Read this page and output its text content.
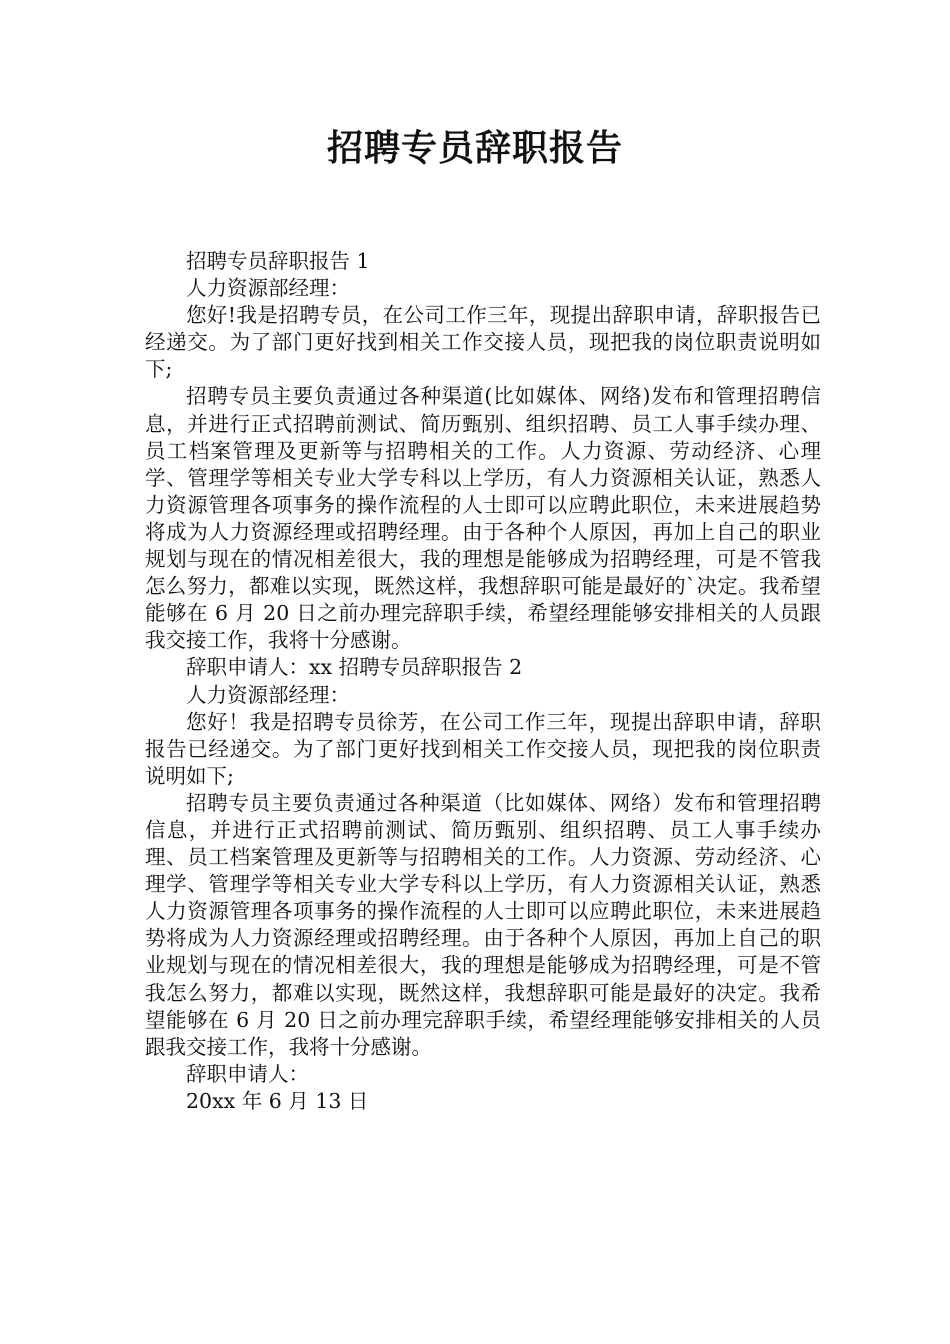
招聘专员辞职报告

招聘专员辞职报告 1

人力资源部经理：

您好!我是招聘专员，在公司工作三年，现提出辞职申请，辞职报告已经递交。为了部门更好找到相关工作交接人员，现把我的岗位职责说明如下;

招聘专员主要负责通过各种渠道(比如媒体、网络)发布和管理招聘信息，并进行正式招聘前测试、简历甄别、组织招聘、员工人事手续办理、员工档案管理及更新等与招聘相关的工作。人力资源、劳动经济、心理学、管理学等相关专业大学专科以上学历，有人力资源相关认证，熟悉人力资源管理各项事务的操作流程的人士即可以应聘此职位，未来进展趋势将成为人力资源经理或招聘经理。由于各种个人原因，再加上自己的职业规划与现在的情况相差很大，我的理想是能够成为招聘经理，可是不管我怎么努力，都难以实现，既然这样，我想辞职可能是最好的`决定。我希望能够在 6 月 20 日之前办理完辞职手续，希望经理能够安排相关的人员跟我交接工作，我将十分感谢。

辞职申请人：xx 招聘专员辞职报告 2

人力资源部经理：

您好！我是招聘专员徐芳，在公司工作三年，现提出辞职申请，辞职报告已经递交。为了部门更好找到相关工作交接人员，现把我的岗位职责说明如下;

招聘专员主要负责通过各种渠道（比如媒体、网络）发布和管理招聘信息，并进行正式招聘前测试、简历甄别、组织招聘、员工人事手续办理、员工档案管理及更新等与招聘相关的工作。人力资源、劳动经济、心理学、管理学等相关专业大学专科以上学历，有人力资源相关认证，熟悉人力资源管理各项事务的操作流程的人士即可以应聘此职位，未来进展趋势将成为人力资源经理或招聘经理。由于各种个人原因，再加上自己的职业规划与现在的情况相差很大，我的理想是能够成为招聘经理，可是不管我怎么努力，都难以实现，既然这样，我想辞职可能是最好的决定。我希望能够在 6 月 20 日之前办理完辞职手续，希望经理能够安排相关的人员跟我交接工作，我将十分感谢。

辞职申请人：

20xx 年 6 月 13 日
